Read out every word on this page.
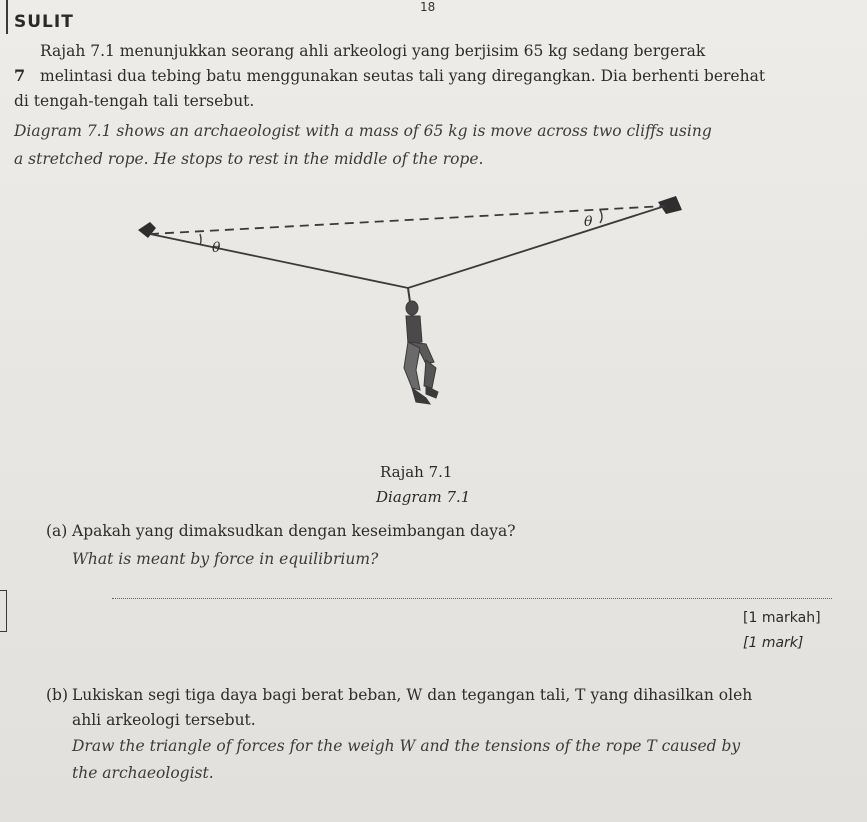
18
SULIT
7
Rajah 7.1 menunjukkan seorang ahli arkeologi yang berjisim 65 kg sedang bergerak
melintasi dua tebing batu menggunakan seutas tali yang diregangkan. Dia berhenti berehat
di tengah-tengah tali tersebut.
Diagram 7.1 shows an archaeologist with a mass of 65 kg is move across two cliffs using
a stretched rope. He stops to rest in the middle of the rope.
θ
θ
Rajah 7.1
Diagram 7.1
(a) Apakah yang dimaksudkan dengan keseimbangan daya?
What is meant by force in equilibrium?
[1 markah]
[1 mark]
(b) Lukiskan segi tiga daya bagi berat beban, W dan tegangan tali, T yang dihasilkan oleh
ahli arkeologi tersebut.
Draw the triangle of forces for the weigh W and the tensions of the rope T caused by
the archaeologist.
